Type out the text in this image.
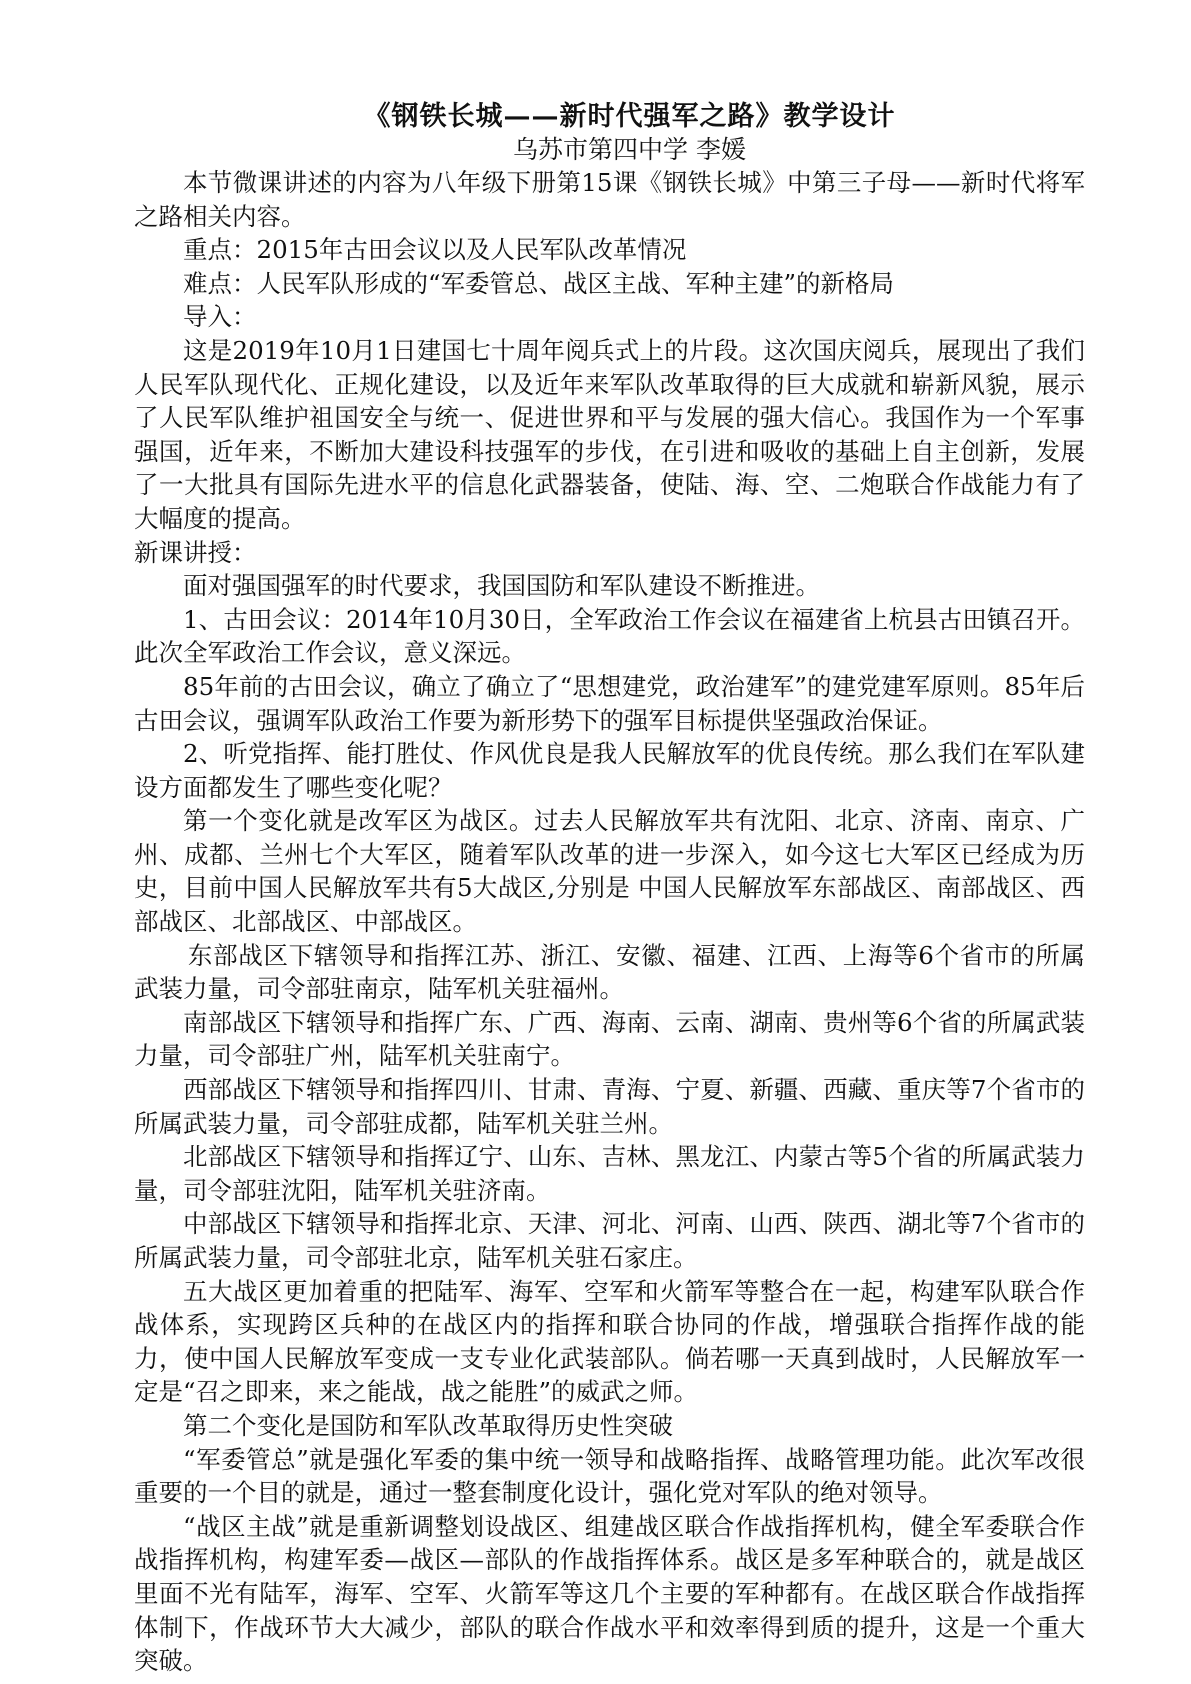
《钢铁长城——新时代强军之路》教学设计
乌苏市第四中学 李媛

本节微课讲述的内容为八年级下册第15课《钢铁长城》中第三子母——新时代将军之路相关内容。

重点：2015年古田会议以及人民军队改革情况

难点：人民军队形成的“军委管总、战区主战、军种主建”的新格局

导入：

这是2019年10月1日建国七十周年阅兵式上的片段。这次国庆阅兵，展现出了我们人民军队现代化、正规化建设，以及近年来军队改革取得的巨大成就和崭新风貌，展示了人民军队维护祖国安全与统一、促进世界和平与发展的强大信心。我国作为一个军事强国，近年来，不断加大建设科技强军的步伐，在引进和吸收的基础上自主创新，发展了一大批具有国际先进水平的信息化武器装备，使陆、海、空、二炮联合作战能力有了大幅度的提高。

新课讲授：

面对强国强军的时代要求，我国国防和军队建设不断推进。

1、古田会议：2014年10月30日，全军政治工作会议在福建省上杭县古田镇召开。此次全军政治工作会议，意义深远。

85年前的古田会议，确立了确立了“思想建党，政治建军”的建党建军原则。85年后古田会议，强调军队政治工作要为新形势下的强军目标提供坚强政治保证。

2、听党指挥、能打胜仗、作风优良是我人民解放军的优良传统。那么我们在军队建设方面都发生了哪些变化呢？

第一个变化就是改军区为战区。过去人民解放军共有沈阳、北京、济南、南京、广州、成都、兰州七个大军区，随着军队改革的进一步深入，如今这七大军区已经成为历史，目前中国人民解放军共有5大战区,分别是 中国人民解放军东部战区、南部战区、西部战区、北部战区、中部战区。

东部战区下辖领导和指挥江苏、浙江、安徽、福建、江西、上海等6个省市的所属武装力量，司令部驻南京，陆军机关驻福州。

南部战区下辖领导和指挥广东、广西、海南、云南、湖南、贵州等6个省的所属武装力量，司令部驻广州，陆军机关驻南宁。

西部战区下辖领导和指挥四川、甘肃、青海、宁夏、新疆、西藏、重庆等7个省市的所属武装力量，司令部驻成都，陆军机关驻兰州。

北部战区下辖领导和指挥辽宁、山东、吉林、黑龙江、内蒙古等5个省的所属武装力量，司令部驻沈阳，陆军机关驻济南。

中部战区下辖领导和指挥北京、天津、河北、河南、山西、陕西、湖北等7个省市的所属武装力量，司令部驻北京，陆军机关驻石家庄。

五大战区更加着重的把陆军、海军、空军和火箭军等整合在一起，构建军队联合作战体系，实现跨区兵种的在战区内的指挥和联合协同的作战，增强联合指挥作战的能力，使中国人民解放军变成一支专业化武装部队。倘若哪一天真到战时，人民解放军一定是“召之即来，来之能战，战之能胜”的威武之师。

第二个变化是国防和军队改革取得历史性突破

“军委管总”就是强化军委的集中统一领导和战略指挥、战略管理功能。此次军改很重要的一个目的就是，通过一整套制度化设计，强化党对军队的绝对领导。

“战区主战”就是重新调整划设战区、组建战区联合作战指挥机构，健全军委联合作战指挥机构，构建军委—战区—部队的作战指挥体系。战区是多军种联合的，就是战区里面不光有陆军，海军、空军、火箭军等这几个主要的军种都有。在战区联合作战指挥体制下，作战环节大大减少，部队的联合作战水平和效率得到质的提升，这是一个重大突破。
